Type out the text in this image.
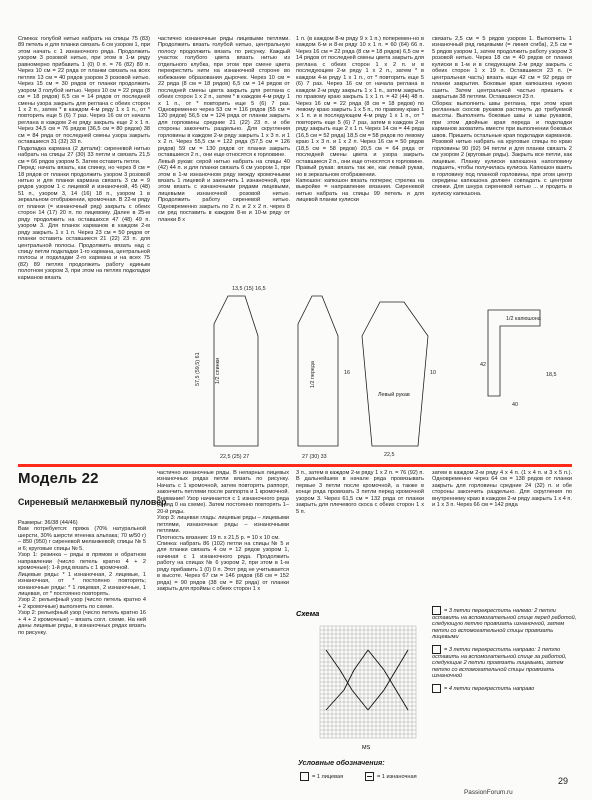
Спинка: голубой нитью набрать на спицы 75 (83) 89 петель и для планки связать 6 см узором 1, при этом начать с 1 изнаночного ряда. Продолжить узором 3 розовой нитью, при этом в 1-м ряду равномерно прибавить 1 (0) 0 п. = 76 (82) 89 п. Через 10 см = 22 ряда от планки связать на всех петлях 13 см = 40 рядов узором 3 розовой нитью. Через 15 см = 30 рядов от планки продолжить узором 3 голубой нитью. Через 10 см = 22 ряда (8 см = 18 рядов) 6,5 см = 14 рядов от последней смены узора закрыть для реглана с обеих сторон 1 х 2 п., затем * в каждом 4-м ряду 1 х 1 п., от * повторить еще 5 (6) 7 раз. Через 16 см от начала реглана в каждом 2-м ряду закрыть еще 2 х 1 п. Через 34,5 см = 76 рядов (36,5 см = 80 рядов) 38 см = 84 ряда от последней смены узора закрыть оставшиеся 31 (32) 33 п.

Подкладка кармана (2 детали): сиреневой нитью набрать на спицы 27 (30) 33 петли и связать 21,5 см = 66 рядов узором 5. Затем оставить петли.

Перед: начать вязать, как спинку, но через 8 см = 18 рядов от планки продолжить узором 3 розовой нитью и для планки кармана связать 3 см = 9 рядов узором 1 с лицевой и изнаночной, 45 (48) 51 п., узором 3, 14 (16) 18 п., узором 1 в зеркальном отображении, кромочная. В 22-м ряду от планки (= изнаночный ряд) закрыть с обеих сторон 14 (17) 20 п. по лицевому. Далее в 25-м ряду продолжить на оставшихся 47 (48) 49 п. узором 3. Для планок карманов в каждом 2-м ряду закрыть 1 х 1 п. Через 23 см = 50 рядов от планки оставить оставшиеся 21 (22) 23 п. для центральной полосы. Продолжить вязать над с спицу петли подкладки 1-го кармана, центральной полосы и подкладки 2-го кармана и на всех 75 (82) 89 петлях продолжить работу единым полотном узором 3, при этом на петлях подкладки карманов вязать

частично изнаночные ряды лицевыми петлями. Продолжить вязать голубой нитью, центральную полосу продолжить вязать по рисунку. Каждый участок голубого цвета вязать нитью из отдельного клубка, при этом при смене цвета перекрестить нити на изнаночной стороне во избежание образования дырочек. Через 10 см = 22 ряда (8 см = 18 рядов) 6,5 см = 14 рядов от последней смены цвета закрыть для реглана с обеих сторон 1 х 2 п., затем * в каждом 4-м ряду 1 х 1 п., от * повторить еще 5 (6) 7 раз. Одновременно через 53 см = 116 рядов (55 см = 120 рядов) 56,5 см = 124 ряда от планки закрыть для горловины средние 21 (22) 23 п. и обе стороны закончить раздельно. Для скругления горловины в каждом 2-м ряду закрыть 1 х 3 п. и 1 х 2 п. Через 55,5 см = 122 ряда (57,5 см = 126 рядов) 59 см = 130 рядов от планки закрыть оставшиеся 2 п., они еще относятся к горловине.

Левый рукав: серой нитью набрать на спицы 40 (42) 44 п. и для планки связать 6 см узором 1, при этом в 1-м изнаночном ряду между кромочными вязать 1 лицевой и закончить 1 изнаночной, при этом вязать с изнаночными рядами лицевыми, лицевыми изнаночной розовой нитью. Продолжить работу сиреневой нитью. Одновременно закрыть по 2 п. и 2 х 2 п. через 8 см ряд поставить в каждом 8-м и 10-м ряду от планки 8 х

1 п. (в каждом 8-м ряду 9 х 1 п.) поперемен-но в каждом 6-м и 8-м ряду 10 х 1 п. = 60 (64) 66 п. Через 16 см = 22 ряда (8 см = 18 рядов) 6,5 см = 14 рядов от последней смены цвета закрыть для реглана с обеих сторон 1 х 2 п. и в последующем 2-м ряду 1 х 2 п., затем * в каждом 4-м ряду 1 х 1 п., от * повторить еще 5 (6) 7 раз. Через 16 см от начала реглана в каждом 2-м ряду закрыть 1 х 1 п., затем закрыть по правому краю закрыть 1 х 1 п. = 42 (44) 48 п. Через 16 см = 22 ряда (8 см = 18 рядов) по левому краю закрыть 1 х 5 п., по правому краю 1 х 1 п. и в последующем 4-м ряду 1 х 1 п., от * повторить еще 5 (6) 7 раз, затем в каждом 2-м ряду закрыть еще 2 х 1 п. Через 14 см = 44 ряда (16,5 см = 52 ряда) 18,5 см = 58 рядов по левому краю 1 х 3 п. и 1 х 2 п. Через 16 см = 50 рядов (18,5 см = 58 рядов) 20,5 см = 64 ряда от последней смены цвета и узора закрыть оставшиеся 2 п., они еще относятся к горловине.

Правый рукав: вязать так же, как левый рукав, но в зеркальном отображении.

Капюшон: капюшон вязать поперек; стрелка на выкройке = направление вязания. Сиреневой нитью набрать на спицы 99 петель и для лицевой планки кулиски

связать 2,5 см = 5 рядов узором 1. Выполнить 1 изнаночный ряд лицевыми (= линия сгиба), 2,5 см = 5 рядов узором 1, затем продолжить работу узором 3 розовой нитью. Через 18 см = 40 рядов от планки кулиски в 1-м и в следующем 2-м ряду закрыть с обеих сторон 1 х 19 п. Оставшиеся 23 п. (= центральная часть) вязать еще 42 см = 92 ряда от планки закрытия. Боковые края капюшона нужно сшить. Затем центральной частью пришить к закрытым 38 петлям. Оставшиеся 23 п.

Сборка: выполнить швы реглана, при этом края регланных скосов рукавов растянуть до требуемой высоты. Выполнить боковые швы и швы рукавов, при этом двойные края переда и подкладки карманов захватить вместе при выполнении боковых швов. Пришить остальные края подкладки карманов. Розовой нитью набрать на круговые спицы по краю горловины 90 (92) 94 петли и для планки связать 2 см узором 2 (круговые ряды). Закрыть все петли, как лицевые. Планку кулиски капюшона наполовину подшить, чтобы получилась кулиска. Капюшон вшить в горловину под планкой горловины, при этом центр середины капюшона должен совпадать с центром спинки. Для шнура сиреневой нитью ... и продеть в кулиску капюшона.

1/2 спинки	1/2 переда
Левый рукав
1/2 капюшона
13,5 (15) 16,5
57,5 (59,5) 61
22,5 (25) 27	27 (30) 33
16	10
22,5
18,5
40
42
Модель 22
Сиреневый меланжевый пуловер

Размеры: 36/38 (44/46)

Вам потребуется: пряжа (70% натуральной шерсти, 30% шерсти ягненка альпака; 70 м/50 г) – 850 (950) г сиреневой меланжевой; спицы № 5 и 6; круговые спицы № 5.

Узор 1: резинка – ряды в прямом и обратном направлении (число петель кратно 4 + 2 кромочные): 1-й ряд вязать с 1 кромочной.

Лицевые ряды: * 1 изнаночная, 2 лицевые, 1 изнаночная, от * постоянно повторять; изнаночные ряды: * 1 лицевая, 2 изнаночные, 1 лицевая, от * постоянно повторять.

Узор 2: рельефный узор (число петель кратно 4 + 2 кромочные) выполнять по схеме.

Узор 2: рельефный узор (число петель кратно 16 + 4 + 2 кромочные) – вязать согл. схеме. На ней даны лицевые ряды, в изнаночных рядах вязать по рисунку.

частично изнаночные ряды. В непарных лицевых изнаночных рядах петли вязать по рисунку. Начать с 1 кромочной, затем повторять раппорт, закончить петлями после раппорта и 1 кромочной. Внимание! Узор начинается с 1 изнаночного ряда (9 ряд 0 на схеме). Затем постоянно повторять 1–20-й ряды.

Узор 3: лицевая гладь: лицевые ряды – лицевыми петлями, изнаночные ряды – изнаночными петлями.

Плотность вязания: 19 п. х 21,5 р. = 10 х 10 см.

Спинка: набрать 86 (102) петли на спицы № 5 и для планки связать 4 см = 12 рядов узором 1, начиная с 1 изнаночного ряда. Продолжить работу на спицах № 6 узором 2, при этом в 1-м ряду прибавить 1 (0) 0 п. Этот ряд не учитывается в высоте. Через 67 см = 146 рядов (68 см = 152 ряда) = 90 рядов (38 см = 82 ряда) от планки закрыть для проймы с обеих сторон 1 х

3 п., затем в каждом 2-м ряду 1 х 2 п. = 76 (92) п. В дальнейшем в начале ряда провязывать первые 3 петли после кромочной, а также в конце ряда провязать 3 петли перед кромочной узором 3. Через 61,5 см = 132 ряда от планки закрыть для плечевого скоса с обеих сторон 1 х 5 п.

затем в каждом 2-м ряду 4 х 4 п. (1 х 4 п. и 3 х 5 п.). Одновременно через 64 см = 138 рядов от планки закрыть для горловины средние 24 (32) п. и обе стороны закончить раздельно. Для скругления по внутреннему краю в каждом 2-м ряду закрыть 1 х 4 п. и 1 х 3 п. Через 66 см = 142 ряда

Схема
MS

= 3 петли перекрестить налево: 2 петли оставить на вспомогательной спице перед работой, следующую петлю провязать изнаночной, затем петли со вспомогательной спицы провязать лицевыми

= 3 петли перекрестить направо: 1 петлю оставить на вспомогательной спице за работой, следующие 2 петли провязать лицевыми, затем петлю со вспомогательной спицы провязать изнаночной

= 4 петли перекрестить направо

Условные обозначения:
= 1 лицевая	= 1 изнаночная	29
PassionForum.ru
